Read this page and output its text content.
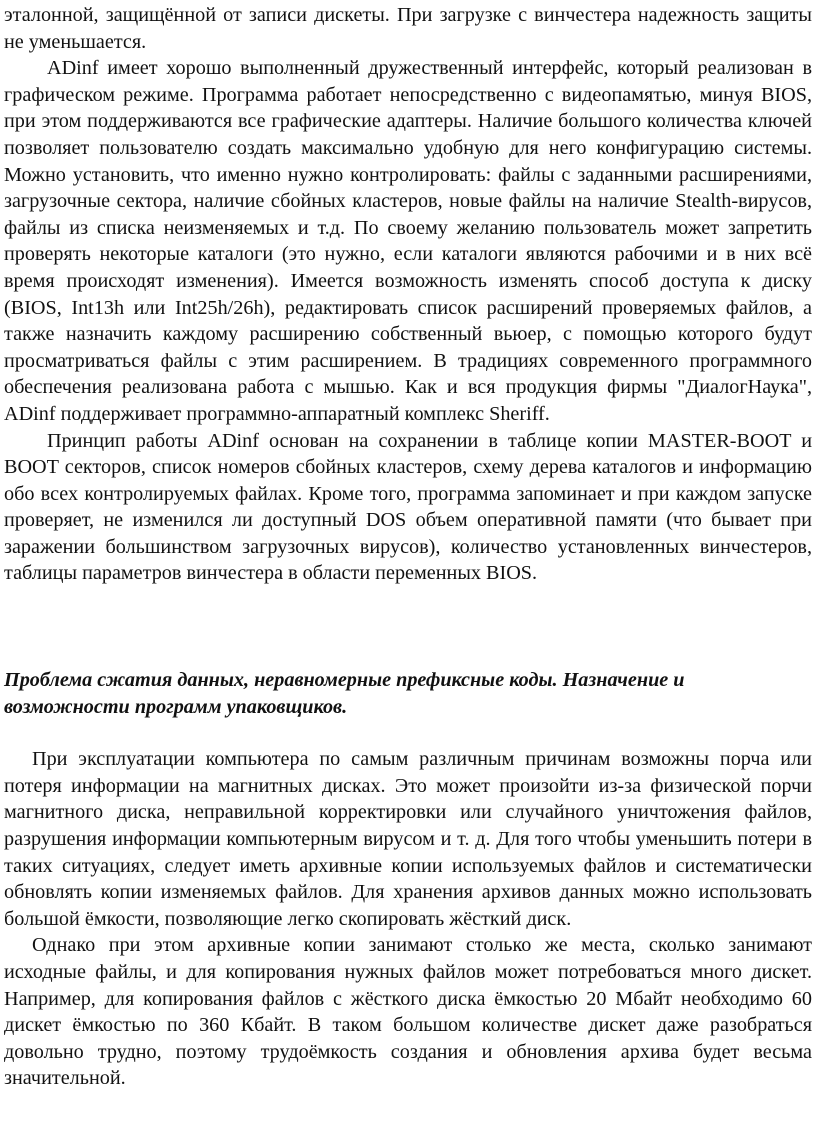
эталонной, защищённой от записи дискеты. При загрузке с винчестера надежность защиты не уменьшается.

ADinf имеет хорошо выполненный дружественный интерфейс, который реализован в графическом режиме. Программа работает непосредственно с видеопамятью, минуя BIOS, при этом поддерживаются все графические адаптеры. Наличие большого количества ключей позволяет пользователю создать максимально удобную для него конфигурацию системы. Можно установить, что именно нужно контролировать: файлы с заданными расширениями, загрузочные сектора, наличие сбойных кластеров, новые файлы на наличие Stealth-вирусов, файлы из списка неизменяемых и т.д. По своему желанию пользователь может запретить проверять некоторые каталоги (это нужно, если каталоги являются рабочими и в них всё время происходят изменения). Имеется возможность изменять способ доступа к диску (BIOS, Int13h или Int25h/26h), редактировать список расширений проверяемых файлов, а также назначить каждому расширению собственный вьюер, с помощью которого будут просматриваться файлы с этим расширением. В традициях современного программного обеспечения реализована работа с мышью. Как и вся продукция фирмы "ДиалогНаука", ADinf поддерживает программно-аппаратный комплекс Sheriff.

Принцип работы ADinf основан на сохранении в таблице копии MASTER-BOOT и BOOT секторов, список номеров сбойных кластеров, схему дерева каталогов и информацию обо всех контролируемых файлах. Кроме того, программа запоминает и при каждом запуске проверяет, не изменился ли доступный DOS объем оперативной памяти (что бывает при заражении большинством загрузочных вирусов), количество установленных винчестеров, таблицы параметров винчестера в области переменных BIOS.

Проблема сжатия данных, неравномерные префиксные коды. Назначение и возможности программ упаковщиков.

При эксплуатации компьютера по самым различным причинам возможны порча или потеря информации на магнитных дисках. Это может произойти из-за физической порчи магнитного диска, неправильной корректировки или случайного уничтожения файлов, разрушения информации компьютерным вирусом и т. д. Для того чтобы уменьшить потери в таких ситуациях, следует иметь архивные копии используемых файлов и систематически обновлять копии изменяемых файлов. Для хранения архивов данных можно использовать большой ёмкости, позволяющие легко скопировать жёсткий диск.

Однако при этом архивные копии занимают столько же места, сколько занимают исходные файлы, и для копирования нужных файлов может потребоваться много дискет. Например, для копирования файлов с жёсткого диска ёмкостью 20 Мбайт необходимо 60 дискет ёмкостью по 360 Кбайт. В таком большом количестве дискет даже разобраться довольно трудно, поэтому трудоёмкость создания и обновления архива будет весьма значительной.
